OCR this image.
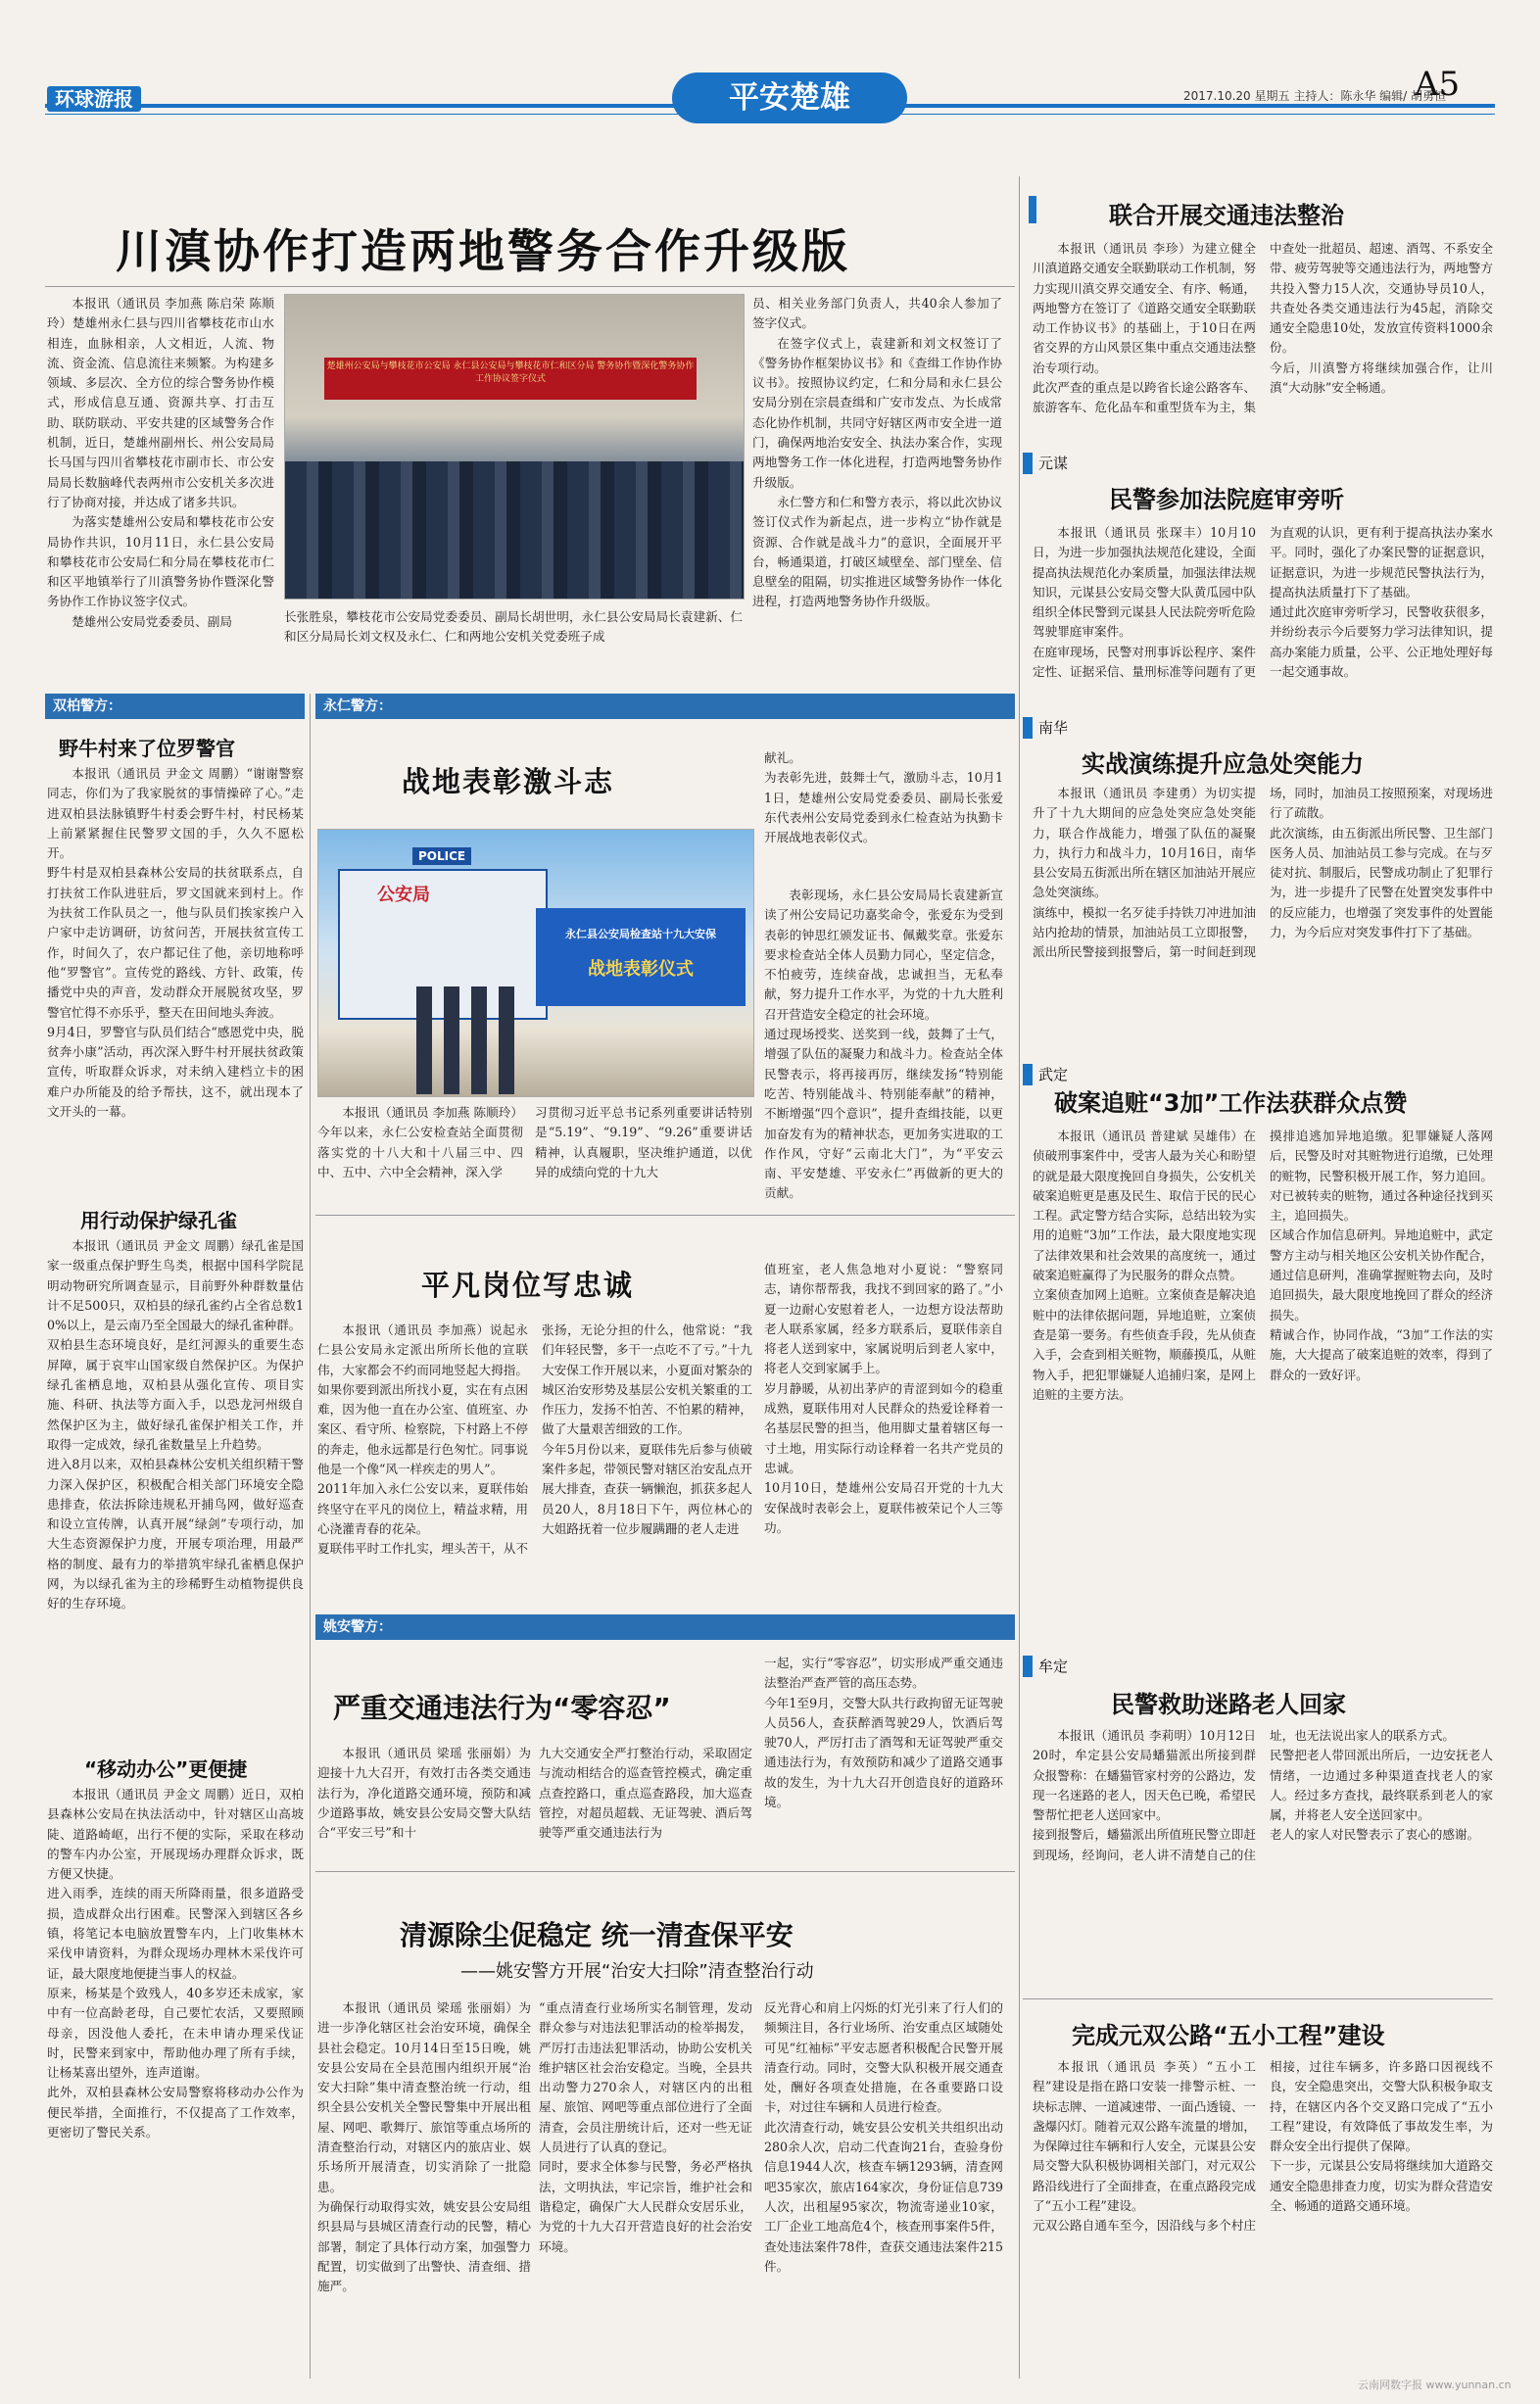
环球游报	平安楚雄	2017.10.20 星期五 主持人：陈永华 编辑/ 胡勇恒
A5
川滇协作打造两地警务合作升级版

本报讯（通讯员 李加燕 陈启荣 陈顺玲）楚雄州永仁县与四川省攀枝花市山水相连，血脉相亲，人文相近，人流、物流、资金流、信息流往来频繁。为构建多领域、多层次、全方位的综合警务协作模式，形成信息互通、资源共享、打击互助、联防联动、平安共建的区域警务合作机制，近日，楚雄州副州长、州公安局局长马国与四川省攀枝花市副市长、市公安局局长数脑峰代表两州市公安机关多次进行了协商对接，并达成了诸多共识。

为落实楚雄州公安局和攀枝花市公安局协作共识，10月11日，永仁县公安局和攀枝花市公安局仁和分局在攀枝花市仁和区平地镇举行了川滇警务协作暨深化警务协作工作协议签字仪式。

楚雄州公安局党委委员、副局

楚雄州公安局与攀枝花市公安局 永仁县公安局与攀枝花市仁和区分局 警务协作暨深化警务协作工作协议签字仪式
长张胜泉，攀枝花市公安局党委委员、副局长胡世明，永仁县公安局局长袁建新、仁和区分局局长刘文权及永仁、仁和两地公安机关党委班子成

员、相关业务部门负责人，共40余人参加了签字仪式。

在签字仪式上，袁建新和刘文权签订了《警务协作框架协议书》和《查缉工作协作协议书》。按照协议约定，仁和分局和永仁县公安局分别在宗晨查缉和广安市发点、为长成常态化协作机制，共同守好辖区两市安全进一道门，确保两地治安安全、执法办案合作，实现两地警务工作一体化进程，打造两地警务协作升级版。

永仁警方和仁和警方表示，将以此次协议签订仪式作为新起点，进一步构立“协作就是资源、合作就是战斗力”的意识，全面展开平台，畅通渠道，打破区域壁垒、部门壁垒、信息壁垒的阻隔，切实推进区域警务协作一体化进程，打造两地警务协作升级版。

双柏警方：
野牛村来了位罗警官
本报讯（通讯员 尹金文 周鹏）“谢谢警察同志，你们为了我家脱贫的事情操碎了心。”走进双柏县法脉镇野牛村委会野牛村，村民杨某上前紧紧握住民警罗文国的手，久久不愿松开。
野牛村是双柏县森林公安局的扶贫联系点，自打扶贫工作队进驻后，罗文国就来到村上。作为扶贫工作队员之一，他与队员们挨家挨户入户家中走访调研，访贫问苦，开展扶贫宣传工作，时间久了，农户都记住了他，亲切地称呼他“罗警官”。宣传党的路线、方针、政策，传播党中央的声音，发动群众开展脱贫攻坚，罗警官忙得不亦乐乎，整天在田间地头奔波。
9月4日，罗警官与队员们结合“感恩党中央，脱贫奔小康”活动，再次深入野牛村开展扶贫政策宣传，听取群众诉求，对未纳入建档立卡的困难户办所能及的给予帮扶，这不，就出现本了文开头的一幕。
用行动保护绿孔雀
本报讯（通讯员 尹金文 周鹏）绿孔雀是国家一级重点保护野生鸟类，根据中国科学院昆明动物研究所调查显示，目前野外种群数量估计不足500只，双柏县的绿孔雀约占全省总数10%以上，是云南乃至全国最大的绿孔雀种群。
双柏县生态环境良好，是红河源头的重要生态屏障，属于哀牢山国家级自然保护区。为保护绿孔雀栖息地，双柏县从强化宣传、项目实施、科研、执法等方面入手，以恐龙河州级自然保护区为主，做好绿孔雀保护相关工作，并取得一定成效，绿孔雀数量呈上升趋势。
进入8月以来，双柏县森林公安机关组织精干警力深入保护区，积极配合相关部门环境安全隐患排查，依法拆除违规私开捕鸟网，做好巡查和设立宣传牌，认真开展“绿剑”专项行动，加大生态资源保护力度，开展专项治理，用最严格的制度、最有力的举措筑牢绿孔雀栖息保护网，为以绿孔雀为主的珍稀野生动植物提供良好的生存环境。
“移动办公”更便捷
本报讯（通讯员 尹金文 周鹏）近日，双柏县森林公安局在执法活动中，针对辖区山高坡陡、道路崎岖，出行不便的实际，采取在移动的警车内办公室，开展现场办理群众诉求，既方便又快捷。
进入雨季，连续的雨天所降雨量，很多道路受损，造成群众出行困难。民警深入到辖区各乡镇，将笔记本电脑放置警车内，上门收集林木采伐申请资料，为群众现场办理林木采伐许可证，最大限度地便捷当事人的权益。
原来，杨某是个致残人，40多岁还未成家，家中有一位高龄老母，自己要忙农活，又要照顾母亲，因没他人委托，在未申请办理采伐证时，民警来到家中，帮助他办理了所有手续，让杨某喜出望外，连声道谢。
此外，双柏县森林公安局警察将移动办公作为便民举措，全面推行，不仅提高了工作效率，更密切了警民关系。
永仁警方：
战地表彰激斗志
POLICE
公安局
永仁县公安局检查站十九大安保
战地表彰仪式
本报讯（通讯员 李加燕 陈顺玲）今年以来，永仁公安检查站全面贯彻落实党的十八大和十八届三中、四中、五中、六中全会精神，深入学
习贯彻习近平总书记系列重要讲话特别是“5.19”、“9.19”、“9.26”重要讲话精神，认真履职，坚决维护通道，以优异的成绩向党的十九大
献礼。
为表彰先进，鼓舞士气，激励斗志，10月11日，楚雄州公安局党委委员、副局长张爱东代表州公安局党委到永仁检查站为执勤卡开展战地表彰仪式。
表彰现场，永仁县公安局局长袁建新宣读了州公安局记功嘉奖命令，张爱东为受到表彰的钟思红颁发证书、佩戴奖章。张爱东要求检查站全体人员勤力同心，坚定信念，不怕疲劳，连续奋战，忠诚担当，无私奉献，努力提升工作水平，为党的十九大胜利召开营造安全稳定的社会环境。
通过现场授奖、送奖到一线，鼓舞了士气，增强了队伍的凝聚力和战斗力。检查站全体民警表示，将再接再厉，继续发扬“特别能吃苦、特别能战斗、特别能奉献”的精神，不断增强“四个意识”，提升查缉技能，以更加奋发有为的精神状态，更加务实进取的工作作风，守好“云南北大门”，为“平安云南、平安楚雄、平安永仁”再做新的更大的贡献。
平凡岗位写忠诚
本报讯（通讯员 李加燕）说起永仁县公安局永定派出所所长他的宣联伟，大家都会不约而同地竖起大拇指。如果你要到派出所找小夏，实在有点困难，因为他一直在办公室、值班室、办案区、看守所、检察院，下村路上不停的奔走，他永远都是行色匆忙。同事说他是一个像“风一样疾走的男人”。
2011年加入永仁公安以来，夏联伟始终坚守在平凡的岗位上，精益求精，用心浇灌青春的花朵。
夏联伟平时工作扎实，埋头苦干，从不张扬，无论分担的什么，他常说：“我们年轻民警，多干一点吃不了亏。”十九大安保工作开展以来，小夏面对繁杂的城区治安形势及基层公安机关繁重的工作压力，发扬不怕苦、不怕累的精神，做了大量艰苦细致的工作。
今年5月份以来，夏联伟先后参与侦破案件多起，带领民警对辖区治安乱点开展大排查，查获一辆懒泡，抓获多起人员20人，8月18日下午，两位林心的大姐路抚着一位步履蹒跚的老人走进
值班室，老人焦急地对小夏说：“警察同志，请你帮帮我，我找不到回家的路了。”小夏一边耐心安慰着老人，一边想方设法帮助老人联系家属，经多方联系后，夏联伟亲自将老人送到家中，家属说明后到老人家中，将老人交到家属手上。
岁月静暖，从初出茅庐的青涩到如今的稳重成熟，夏联伟用对人民群众的热爱诠释着一名基层民警的担当，他用脚丈量着辖区每一寸土地，用实际行动诠释着一名共产党员的忠诚。
10月10日，楚雄州公安局召开党的十九大安保战时表彰会上，夏联伟被荣记个人三等功。
姚安警方：
严重交通违法行为“零容忍”
本报讯（通讯员 梁瑶 张丽娟）为迎接十九大召开，有效打击各类交通违法行为，净化道路交通环境，预防和减少道路事故，姚安县公安局交警大队结合“平安三号”和十
九大交通安全严打整治行动，采取固定与流动相结合的巡查管控模式，确定重点查控路口，重点巡查路段，加大巡查管控，对超员超载、无证驾驶、酒后驾驶等严重交通违法行为
一起，实行“零容忍”，切实形成严重交通违法整治严查严管的高压态势。
今年1至9月，交警大队共行政拘留无证驾驶人员56人，查获醉酒驾驶29人，饮酒后驾驶70人，严厉打击了酒驾和无证驾驶严重交通违法行为，有效预防和减少了道路交通事故的发生，为十九大召开创造良好的道路环境。
清源除尘促稳定 统一清查保平安
——姚安警方开展“治安大扫除”清查整治行动
本报讯（通讯员 梁瑶 张丽娟）为进一步净化辖区社会治安环境，确保全县社会稳定。10月14日至15日晚，姚安县公安局在全县范围内组织开展“治安大扫除”集中清查整治统一行动，组织全县公安机关全警民警集中开展出租屋、网吧、歌舞厅、旅馆等重点场所的清查整治行动，对辖区内的旅店业、娱乐场所开展清查，切实消除了一批隐患。
为确保行动取得实效，姚安县公安局组织县局与县城区清查行动的民警，精心部署，制定了具体行动方案，加强警力配置，切实做到了出警快、清查细、措施严。
“重点清查行业场所实名制管理，发动群众参与对违法犯罪活动的检举揭发，严厉打击违法犯罪活动，协助公安机关维护辖区社会治安稳定。当晚，全县共出动警力270余人，对辖区内的出租屋、旅馆、网吧等重点部位进行了全面清查，会员注册统计后，还对一些无证人员进行了认真的登记。
同时，要求全体参与民警，务必严格执法，文明执法，牢记宗旨，维护社会和谐稳定，确保广大人民群众安居乐业，为党的十九大召开营造良好的社会治安环境。
反光背心和肩上闪烁的灯光引来了行人们的频频注目，各行业场所、治安重点区域随处可见“红袖标”平安志愿者积极配合民警开展清查行动。同时，交警大队积极开展交通查处，酬好各项查处措施，在各重要路口设卡，对过往车辆和人员进行检查。
此次清查行动，姚安县公安机关共组织出动280余人次，启动二代查询21台，查验身份信息1944人次，核查车辆1293辆，清查网吧35家次，旅店164家次，身份证信息739人次，出租屋95家次，物流寄递业10家，工厂企业工地高危4个，核查刑事案件5件，查处违法案件78件，查获交通违法案件215件。
联合开展交通违法整治
本报讯（通讯员 李珍）为建立健全川滇道路交通安全联勤联动工作机制，努力实现川滇交界交通安全、有序、畅通，两地警方在签订了《道路交通安全联勤联动工作协议书》的基础上，于10日在两省交界的方山风景区集中重点交通违法整治专项行动。
此次严查的重点是以跨省长途公路客车、旅游客车、危化品车和重型货车为主，集中查处一批超员、超速、酒驾、不系安全带、疲劳驾驶等交通违法行为，两地警方共投入警力15人次，交通协导员10人，共查处各类交通违法行为45起，消除交通安全隐患10处，发放宣传资料1000余份。
今后，川滇警方将继续加强合作，让川滇“大动脉”安全畅通。
元谋
民警参加法院庭审旁听
本报讯（通讯员 张琛丰）10月10日，为进一步加强执法规范化建设，全面提高执法规范化办案质量，加强法律法规知识，元谋县公安局交警大队黄瓜园中队组织全体民警到元谋县人民法院旁听危险驾驶罪庭审案件。
在庭审现场，民警对刑事诉讼程序、案件定性、证据采信、量刑标准等问题有了更为直观的认识，更有利于提高执法办案水平。同时，强化了办案民警的证据意识，证据意识，为进一步规范民警执法行为，提高执法质量打下了基础。
通过此次庭审旁听学习，民警收获很多，并纷纷表示今后要努力学习法律知识，提高办案能力质量，公平、公正地处理好每一起交通事故。
南华
实战演练提升应急处突能力
本报讯（通讯员 李建勇）为切实提升了十九大期间的应急处突应急处突能力，联合作战能力，增强了队伍的凝聚力，执行力和战斗力，10月16日，南华县公安局五街派出所在辖区加油站开展应急处突演练。
演练中，模拟一名歹徒手持铁刀冲进加油站内抢劫的情景，加油站员工立即报警，派出所民警接到报警后，第一时间赶到现场，同时，加油员工按照预案，对现场进行了疏散。
此次演练，由五街派出所民警、卫生部门医务人员、加油站员工参与完成。在与歹徒对抗、制服后，民警成功制止了犯罪行为，进一步提升了民警在处置突发事件中的反应能力，也增强了突发事件的处置能力，为今后应对突发事件打下了基础。
武定
破案追赃“3加”工作法获群众点赞
本报讯（通讯员 普建斌 吴雄伟）在侦破刑事案件中，受害人最为关心和盼望的就是最大限度挽回自身损失，公安机关破案追赃更是惠及民生、取信于民的民心工程。武定警方结合实际，总结出较为实用的追赃“3加”工作法，最大限度地实现了法律效果和社会效果的高度统一，通过破案追赃赢得了为民服务的群众点赞。
立案侦查加网上追赃。立案侦查是解决追赃中的法律依据问题，异地追赃，立案侦查是第一要务。有些侦查手段，先从侦查入手，会查到相关赃物，顺藤摸瓜，从赃物入手，把犯罪嫌疑人追捕归案，是网上追赃的主要方法。
摸排追逃加异地追缴。犯罪嫌疑人落网后，民警及时对其赃物进行追缴，已处理的赃物，民警积极开展工作，努力追回。对已被转卖的赃物，通过各种途径找到买主，追回损失。
区域合作加信息研判。异地追赃中，武定警方主动与相关地区公安机关协作配合，通过信息研判，准确掌握赃物去向，及时追回损失，最大限度地挽回了群众的经济损失。
精诚合作，协同作战，“3加”工作法的实施，大大提高了破案追赃的效率，得到了群众的一致好评。
牟定
民警救助迷路老人回家
本报讯（通讯员 李莉明）10月12日20时，牟定县公安局蟠猫派出所接到群众报警称：在蟠猫管家村旁的公路边，发现一名迷路的老人，因天色已晚，希望民警帮忙把老人送回家中。
接到报警后，蟠猫派出所值班民警立即赶到现场，经询问，老人讲不清楚自己的住址，也无法说出家人的联系方式。
民警把老人带回派出所后，一边安抚老人情绪，一边通过多种渠道查找老人的家人。经过多方查找，最终联系到老人的家属，并将老人安全送回家中。
老人的家人对民警表示了衷心的感谢。
完成元双公路“五小工程”建设
本报讯（通讯员 李英）“五小工程”建设是指在路口安装一排警示桩、一块标志牌、一道减速带、一面凸透镜、一盏爆闪灯。随着元双公路车流量的增加，为保障过往车辆和行人安全，元谋县公安局交警大队积极协调相关部门，对元双公路沿线进行了全面排查，在重点路段完成了“五小工程”建设。
元双公路自通车至今，因沿线与多个村庄相接，过往车辆多，许多路口因视线不良，安全隐患突出，交警大队积极争取支持，在辖区内各个交叉路口完成了“五小工程”建设，有效降低了事故发生率，为群众安全出行提供了保障。
下一步，元谋县公安局将继续加大道路交通安全隐患排查力度，切实为群众营造安全、畅通的道路交通环境。
云南网数字报 www.yunnan.cn
